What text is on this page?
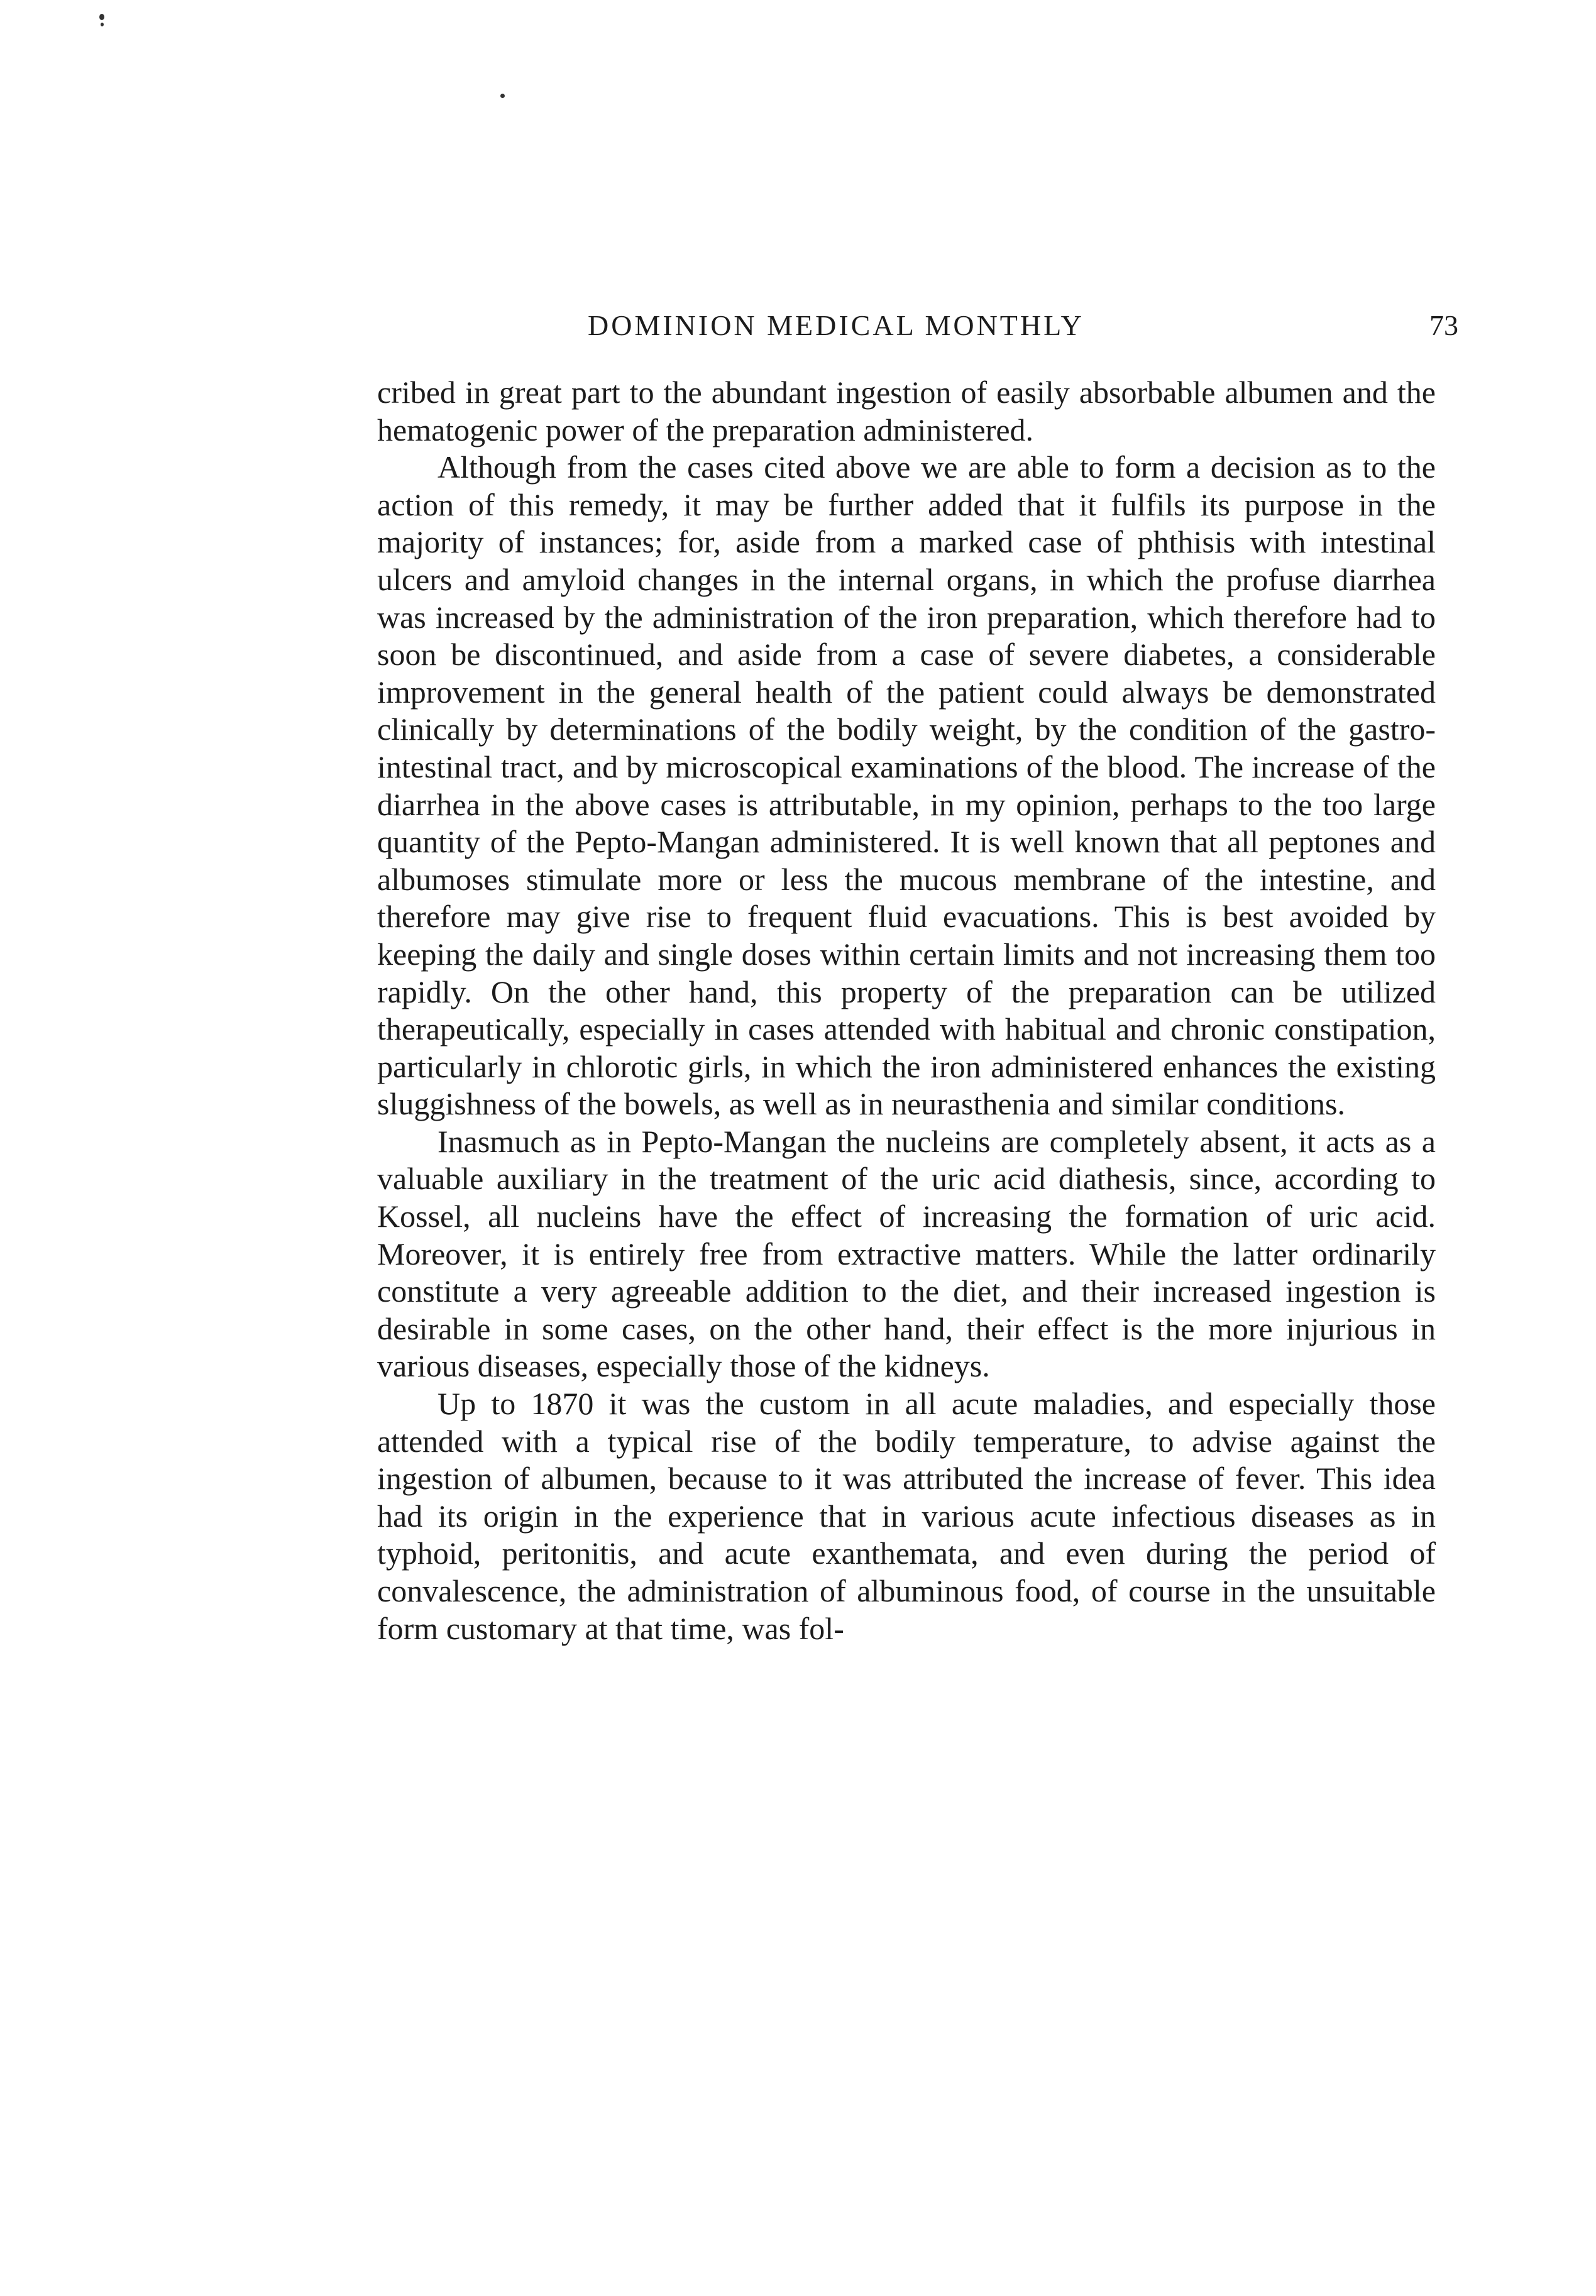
DOMINION MEDICAL MONTHLY	73

cribed in great part to the abundant ingestion of easily absorbable albumen and the hematogenic power of the preparation administered.

Although from the cases cited above we are able to form a decision as to the action of this remedy, it may be further added that it fulfils its purpose in the majority of instances; for, aside from a marked case of phthisis with intestinal ulcers and amyloid changes in the internal organs, in which the profuse diarrhea was increased by the administration of the iron preparation, which therefore had to soon be discontinued, and aside from a case of severe diabetes, a considerable improvement in the general health of the patient could always be demonstrated clinically by determinations of the bodily weight, by the condition of the gastro-intestinal tract, and by microscopical examinations of the blood. The increase of the diarrhea in the above cases is attributable, in my opinion, perhaps to the too large quantity of the Pepto-Mangan administered. It is well known that all peptones and albumoses stimulate more or less the mucous membrane of the intestine, and therefore may give rise to frequent fluid evacuations. This is best avoided by keeping the daily and single doses within certain limits and not increasing them too rapidly. On the other hand, this property of the preparation can be utilized therapeutically, especially in cases attended with habitual and chronic constipation, particularly in chlorotic girls, in which the iron administered enhances the existing sluggishness of the bowels, as well as in neurasthenia and similar conditions.

Inasmuch as in Pepto-Mangan the nucleins are completely absent, it acts as a valuable auxiliary in the treatment of the uric acid diathesis, since, according to Kossel, all nucleins have the effect of increasing the formation of uric acid. Moreover, it is entirely free from extractive matters. While the latter ordinarily constitute a very agreeable addition to the diet, and their increased ingestion is desirable in some cases, on the other hand, their effect is the more injurious in various diseases, especially those of the kidneys.

Up to 1870 it was the custom in all acute maladies, and especially those attended with a typical rise of the bodily temperature, to advise against the ingestion of albumen, because to it was attributed the increase of fever. This idea had its origin in the experience that in various acute infectious diseases as in typhoid, peritonitis, and acute exanthemata, and even during the period of convalescence, the administration of albuminous food, of course in the unsuitable form customary at that time, was fol-
